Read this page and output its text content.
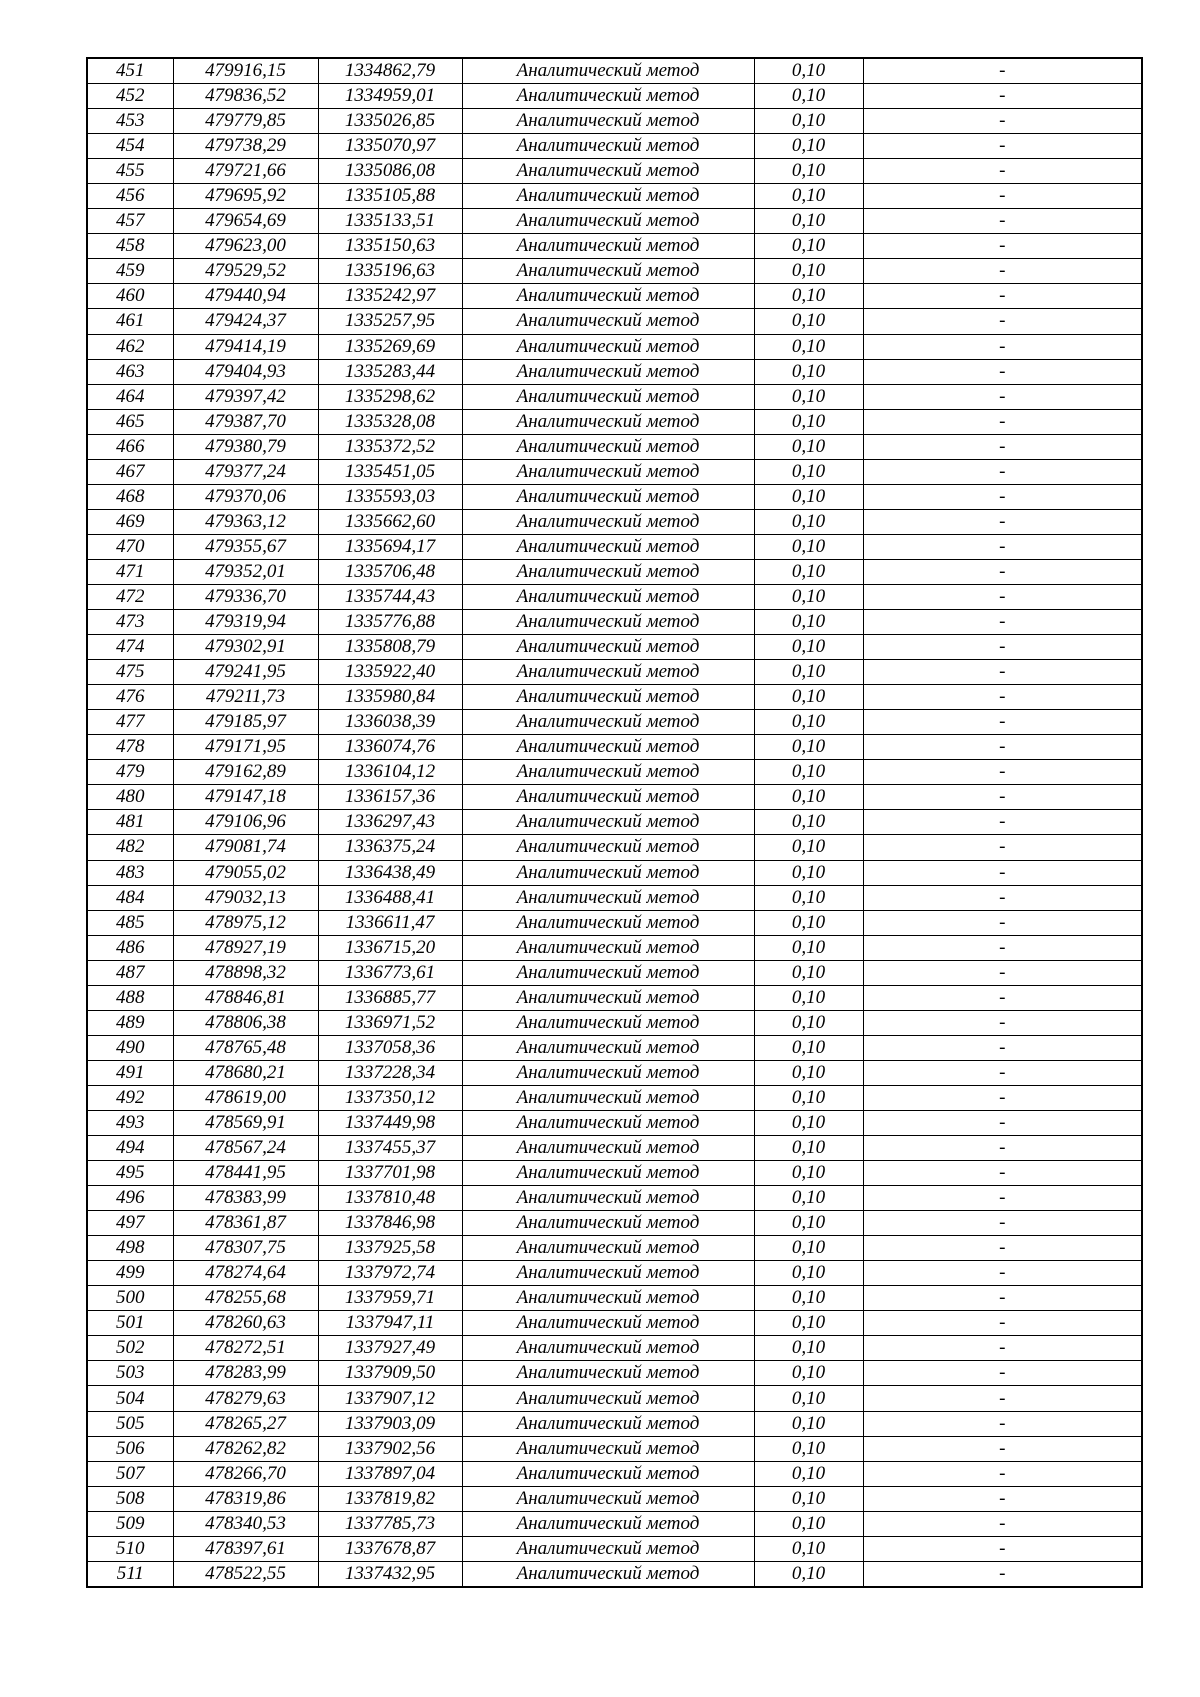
451	479916,15	1334862,79	Аналитический метод	0,10	-
452	479836,52	1334959,01	Аналитический метод	0,10	-
453	479779,85	1335026,85	Аналитический метод	0,10	-
454	479738,29	1335070,97	Аналитический метод	0,10	-
455	479721,66	1335086,08	Аналитический метод	0,10	-
456	479695,92	1335105,88	Аналитический метод	0,10	-
457	479654,69	1335133,51	Аналитический метод	0,10	-
458	479623,00	1335150,63	Аналитический метод	0,10	-
459	479529,52	1335196,63	Аналитический метод	0,10	-
460	479440,94	1335242,97	Аналитический метод	0,10	-
461	479424,37	1335257,95	Аналитический метод	0,10	-
462	479414,19	1335269,69	Аналитический метод	0,10	-
463	479404,93	1335283,44	Аналитический метод	0,10	-
464	479397,42	1335298,62	Аналитический метод	0,10	-
465	479387,70	1335328,08	Аналитический метод	0,10	-
466	479380,79	1335372,52	Аналитический метод	0,10	-
467	479377,24	1335451,05	Аналитический метод	0,10	-
468	479370,06	1335593,03	Аналитический метод	0,10	-
469	479363,12	1335662,60	Аналитический метод	0,10	-
470	479355,67	1335694,17	Аналитический метод	0,10	-
471	479352,01	1335706,48	Аналитический метод	0,10	-
472	479336,70	1335744,43	Аналитический метод	0,10	-
473	479319,94	1335776,88	Аналитический метод	0,10	-
474	479302,91	1335808,79	Аналитический метод	0,10	-
475	479241,95	1335922,40	Аналитический метод	0,10	-
476	479211,73	1335980,84	Аналитический метод	0,10	-
477	479185,97	1336038,39	Аналитический метод	0,10	-
478	479171,95	1336074,76	Аналитический метод	0,10	-
479	479162,89	1336104,12	Аналитический метод	0,10	-
480	479147,18	1336157,36	Аналитический метод	0,10	-
481	479106,96	1336297,43	Аналитический метод	0,10	-
482	479081,74	1336375,24	Аналитический метод	0,10	-
483	479055,02	1336438,49	Аналитический метод	0,10	-
484	479032,13	1336488,41	Аналитический метод	0,10	-
485	478975,12	1336611,47	Аналитический метод	0,10	-
486	478927,19	1336715,20	Аналитический метод	0,10	-
487	478898,32	1336773,61	Аналитический метод	0,10	-
488	478846,81	1336885,77	Аналитический метод	0,10	-
489	478806,38	1336971,52	Аналитический метод	0,10	-
490	478765,48	1337058,36	Аналитический метод	0,10	-
491	478680,21	1337228,34	Аналитический метод	0,10	-
492	478619,00	1337350,12	Аналитический метод	0,10	-
493	478569,91	1337449,98	Аналитический метод	0,10	-
494	478567,24	1337455,37	Аналитический метод	0,10	-
495	478441,95	1337701,98	Аналитический метод	0,10	-
496	478383,99	1337810,48	Аналитический метод	0,10	-
497	478361,87	1337846,98	Аналитический метод	0,10	-
498	478307,75	1337925,58	Аналитический метод	0,10	-
499	478274,64	1337972,74	Аналитический метод	0,10	-
500	478255,68	1337959,71	Аналитический метод	0,10	-
501	478260,63	1337947,11	Аналитический метод	0,10	-
502	478272,51	1337927,49	Аналитический метод	0,10	-
503	478283,99	1337909,50	Аналитический метод	0,10	-
504	478279,63	1337907,12	Аналитический метод	0,10	-
505	478265,27	1337903,09	Аналитический метод	0,10	-
506	478262,82	1337902,56	Аналитический метод	0,10	-
507	478266,70	1337897,04	Аналитический метод	0,10	-
508	478319,86	1337819,82	Аналитический метод	0,10	-
509	478340,53	1337785,73	Аналитический метод	0,10	-
510	478397,61	1337678,87	Аналитический метод	0,10	-
511	478522,55	1337432,95	Аналитический метод	0,10	-
